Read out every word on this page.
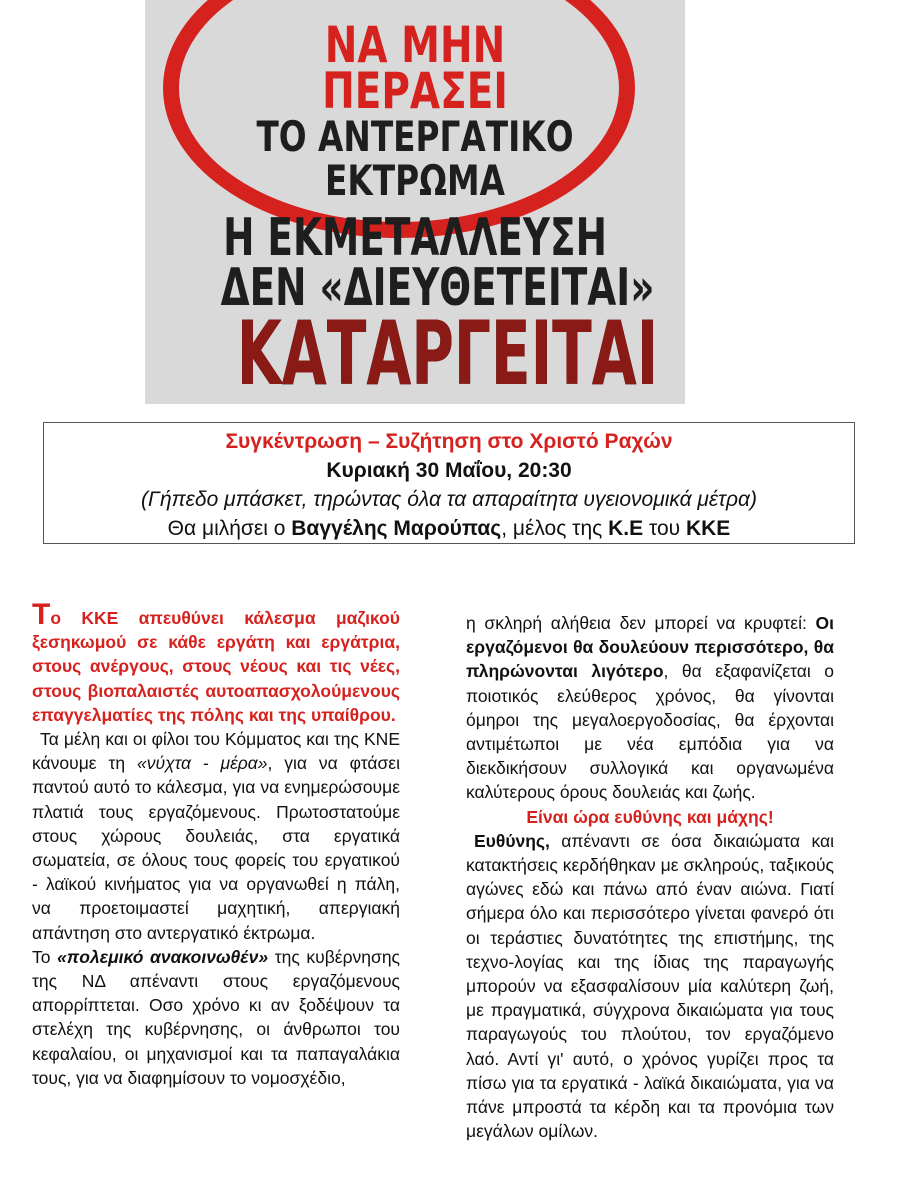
ΝΑ ΜΗΝ
ΠΕΡΑΣΕΙ
ΤΟ ΑΝΤΕΡΓΑΤΙΚΟ
ΕΚΤΡΩΜΑ
Η ΕΚΜΕΤΑΛΛΕΥΣΗ
ΔΕΝ «ΔΙΕΥΘΕΤΕΙΤΑΙ»
ΚΑΤΑΡΓΕΙΤΑΙ
Συγκέντρωση – Συζήτηση στο Χριστό Ραχών
Κυριακή 30 Μαΐου, 20:30
(Γήπεδο μπάσκετ, τηρώντας όλα τα απαραίτητα υγειονομικά μέτρα)
Θα μιλήσει ο Βαγγέλης Μαρούπας, μέλος της Κ.Ε του ΚΚΕ

Το ΚΚΕ απευθύνει κάλεσμα μαζικού ξεσηκωμού σε κάθε εργάτη και εργάτρια, στους ανέργους, στους νέους και τις νέες, στους βιοπαλαιστές αυτοαπασχολούμενους επαγγελματίες της πόλης και της υπαίθρου.

Τα μέλη και οι φίλοι του Κόμματος και της ΚΝΕ κάνουμε τη «νύχτα - μέρα», για να φτάσει παντού αυτό το κάλεσμα, για να ενημερώσουμε πλατιά τους εργαζόμενους. Πρωτοστατούμε στους χώρους δουλειάς, στα εργατικά σωματεία, σε όλους τους φορείς του εργατικού - λαϊκού κινήματος για να οργανωθεί η πάλη, να προετοιμαστεί μαχητική, απεργιακή απάντηση στο αντεργατικό έκτρωμα.

Το «πολεμικό ανακοινωθέν» της κυβέρνησης της ΝΔ απέναντι στους εργαζόμενους απορρίπτεται. Οσο χρόνο κι αν ξοδέψουν τα στελέχη της κυβέρνησης, οι άνθρωποι του κεφαλαίου, οι μηχανισμοί και τα παπαγαλάκια τους, για να διαφημίσουν το νομοσχέδιο,

η σκληρή αλήθεια δεν μπορεί να κρυφτεί: Οι εργαζόμενοι θα δουλεύουν περισσότερο, θα πληρώνονται λιγότερο, θα εξαφανίζεται ο ποιοτικός ελεύθερος χρόνος, θα γίνονται όμηροι της μεγαλοεργοδοσίας, θα έρχονται αντιμέτωποι με νέα εμπόδια για να διεκδικήσουν συλλογικά και οργανωμένα καλύτερους όρους δουλειάς και ζωής.

Είναι ώρα ευθύνης και μάχης!

Ευθύνης, απέναντι σε όσα δικαιώματα και κατακτήσεις κερδήθηκαν με σκληρούς, ταξικούς αγώνες εδώ και πάνω από έναν αιώνα. Γιατί σήμερα όλο και περισσότερο γίνεται φανερό ότι οι τεράστιες δυνατότητες της επιστήμης, της τεχνο-λογίας και της ίδιας της παραγωγής μπορούν να εξασφαλίσουν μία καλύτερη ζωή, με πραγματικά, σύγχρονα δικαιώματα για τους παραγωγούς του πλούτου, τον εργαζόμενο λαό. Αντί γι' αυτό, ο χρόνος γυρίζει προς τα πίσω για τα εργατικά - λαϊκά δικαιώματα, για να πάνε μπροστά τα κέρδη και τα προνόμια των μεγάλων ομίλων.
